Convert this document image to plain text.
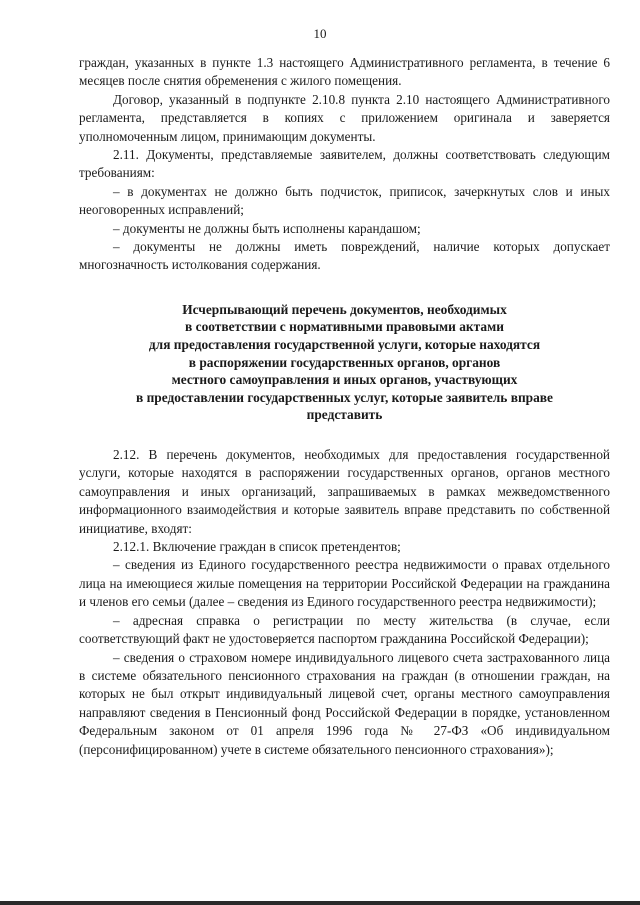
10

граждан, указанных в пункте 1.3 настоящего Административного регламента, в течение 6 месяцев после снятия обременения с жилого помещения.

Договор, указанный в подпункте 2.10.8 пункта 2.10 настоящего Административного регламента, представляется в копиях с приложением оригинала и заверяется уполномоченным лицом, принимающим документы.

2.11. Документы, представляемые заявителем, должны соответствовать следующим требованиям:

– в документах не должно быть подчисток, приписок, зачеркнутых слов и иных неоговоренных исправлений;

– документы не должны быть исполнены карандашом;

– документы не должны иметь повреждений, наличие которых допускает многозначность истолкования содержания.

Исчерпывающий перечень документов, необходимых
в соответствии с нормативными правовыми актами
для предоставления государственной услуги, которые находятся
в распоряжении государственных органов, органов
местного самоуправления и иных органов, участвующих
в предоставлении государственных услуг, которые заявитель вправе
представить

2.12. В перечень документов, необходимых для предоставления государственной услуги, которые находятся в распоряжении государственных органов, органов местного самоуправления и иных организаций, запрашиваемых в рамках межведомственного информационного взаимодействия и которые заявитель вправе представить по собственной инициативе, входят:

2.12.1. Включение граждан в список претендентов;

– сведения из Единого государственного реестра недвижимости о правах отдельного лица на имеющиеся жилые помещения на территории Российской Федерации на гражданина и членов его семьи (далее – сведения из Единого государственного реестра недвижимости);

– адресная справка о регистрации по месту жительства (в случае, если соответствующий факт не удостоверяется паспортом гражданина Российской Федерации);

– сведения о страховом номере индивидуального лицевого счета застрахованного лица в системе обязательного пенсионного страхования на граждан (в отношении граждан, на которых не был открыт индивидуальный лицевой счет, органы местного самоуправления направляют сведения в Пенсионный фонд Российской Федерации в порядке, установленном Федеральным законом от 01 апреля 1996 года № 27-ФЗ «Об индивидуальном (персонифицированном) учете в системе обязательного пенсионного страхования»);
